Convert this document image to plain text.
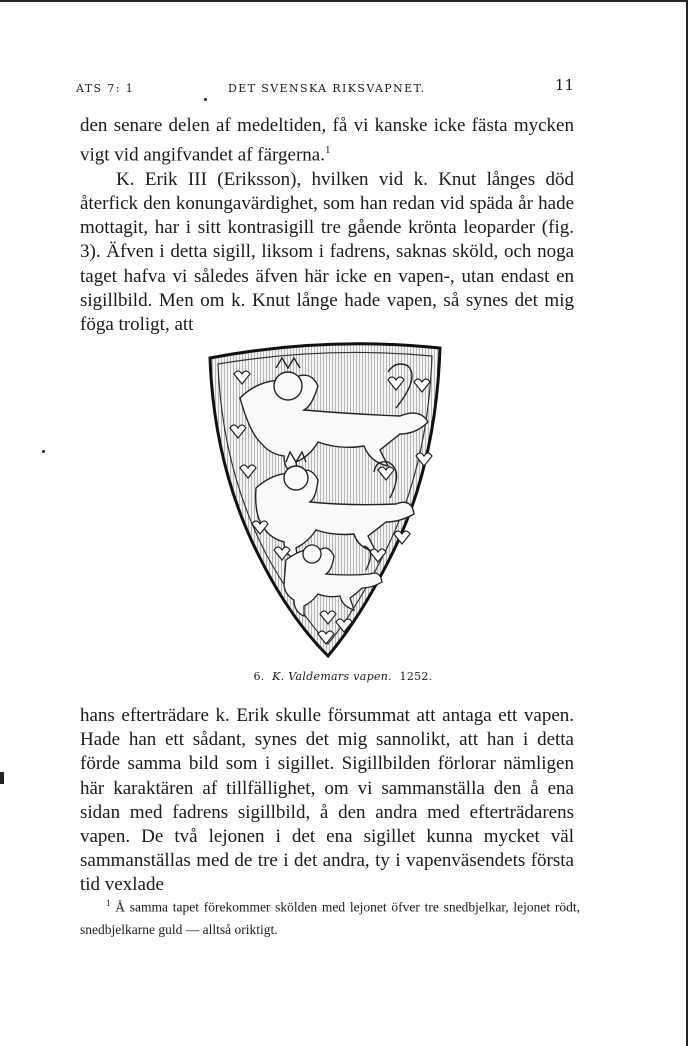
ATS 7: 1	DET SVENSKA RIKSVAPNET.	11

den senare delen af medeltiden, få vi kanske icke fästa mycken vigt vid angifvandet af färgerna.$^1$

K. Erik III (Eriksson), hvilken vid k. Knut långes död återfick den konungavärdighet, som han redan vid späda år hade mottagit, har i sitt kontrasigill tre gående krönta leoparder (fig. 3). Äfven i detta sigill, liksom i fadrens, saknas sköld, och noga taget hafva vi således äfven här icke en vapen-, utan endast en sigillbild. Men om k. Knut långe hade vapen, så synes det mig föga troligt, att

6. K. Valdemars vapen. 1252.

hans efterträdare k. Erik skulle försummat att antaga ett vapen. Hade han ett sådant, synes det mig sannolikt, att han i detta förde samma bild som i sigillet. Sigillbilden förlorar nämligen här karaktären af tillfällighet, om vi sammanställa den å ena sidan med fadrens sigillbild, å den andra med efterträdarens vapen. De två lejonen i det ena sigillet kunna mycket väl sammanställas med de tre i det andra, ty i vapenväsendets första tid vexlade

$^1$ Å samma tapet förekommer skölden med lejonet öfver tre snedbjelkar, lejonet rödt, snedbjelkarne guld — alltså oriktigt.
